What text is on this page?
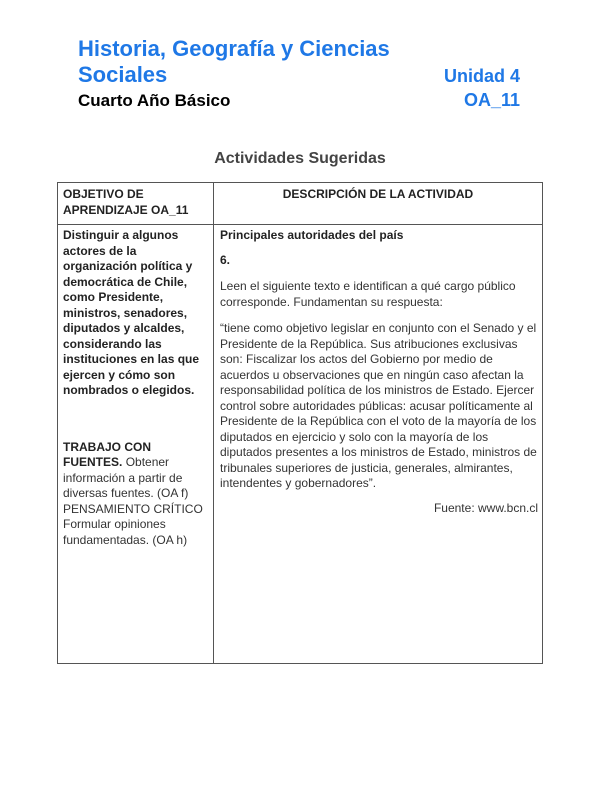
Historia, Geografía y Ciencias
Sociales	Unidad 4
Cuarto Año Básico	OA_11
Actividades Sugeridas
OBJETIVO DE APRENDIZAJE OA_11
DESCRIPCIÓN DE LA ACTIVIDAD
Distinguir a algunos actores de la organización política y democrática de Chile, como Presidente, ministros, senadores, diputados y alcaldes, considerando las instituciones en las que ejercen y cómo son nombrados o elegidos.
TRABAJO CON FUENTES. Obtener información a partir de diversas fuentes. (OA f)
PENSAMIENTO CRÍTICO
Formular opiniones fundamentadas. (OA h)
Principales autoridades del país
6.
Leen el siguiente texto e identifican a qué cargo público corresponde. Fundamentan su respuesta:
“tiene como objetivo legislar en conjunto con el Senado y el Presidente de la República. Sus atribuciones exclusivas son: Fiscalizar los actos del Gobierno por medio de acuerdos u observaciones que en ningún caso afectan la responsabilidad política de los ministros de Estado. Ejercer control sobre autoridades públicas: acusar políticamente al Presidente de la República con el voto de la mayoría de los diputados en ejercicio y solo con la mayoría de los diputados presentes a los ministros de Estado, ministros de tribunales superiores de justicia, generales, almirantes, intendentes y gobernadores”.
Fuente: www.bcn.cl
